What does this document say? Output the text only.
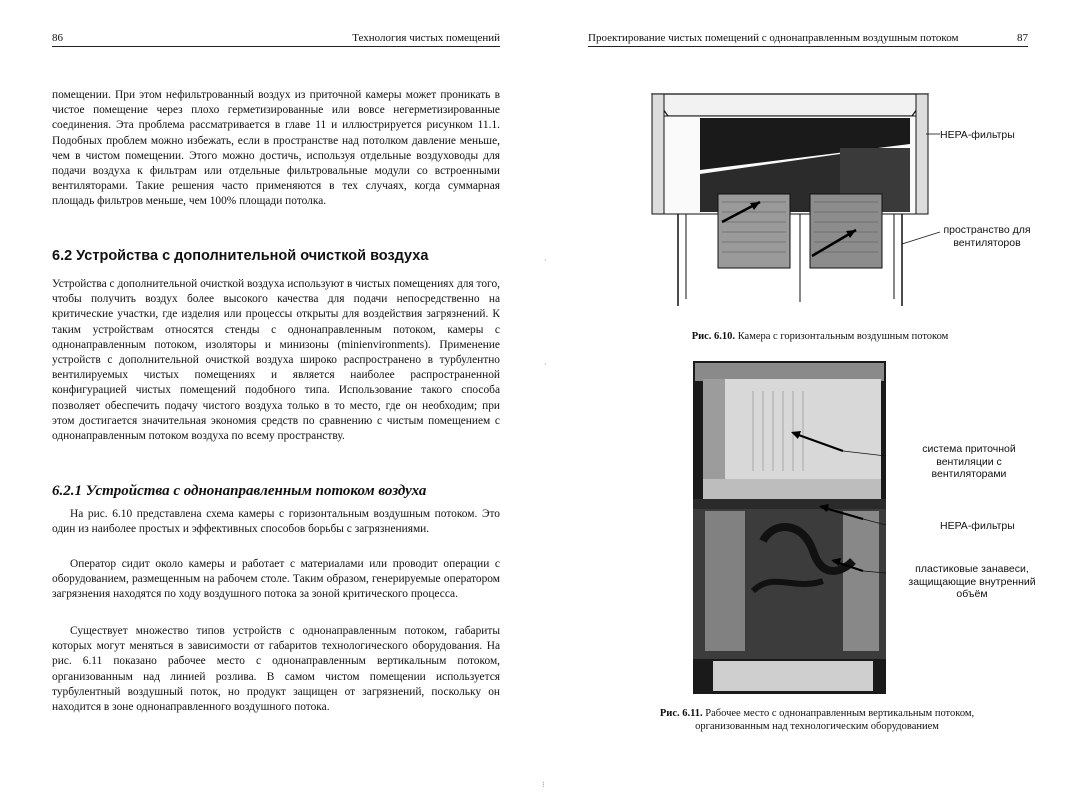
86	Технология чистых помещений

помещении. При этом нефильтрованный воздух из приточной камеры может проникать в чистое помещение через плохо герметизированные или вовсе негерметизированные соединения. Эта проблема рассматривается в главе 11 и иллюстрируется рисунком 11.1. Подобных проблем можно избежать, если в пространстве над потолком давление меньше, чем в чистом помещении. Этого можно достичь, используя отдельные воздуховоды для подачи воздуха к фильтрам или отдельные фильтровальные модули со встроенными вентиляторами. Такие решения часто применяются в тех случаях, когда суммарная площадь фильтров меньше, чем 100% площади потолка.

6.2 Устройства с дополнительной очисткой воздуха

Устройства с дополнительной очисткой воздуха используют в чистых помещениях для того, чтобы получить воздух более высокого качества для подачи непосредственно на критические участки, где изделия или процессы открыты для воздействия загрязнений. К таким устройствам относятся стенды с однонаправленным потоком, камеры с однонаправленным потоком, изоляторы и минизоны (minienvironments). Применение устройств с дополнительной очисткой воздуха широко распространено в турбулентно вентилируемых чистых помещениях и является наиболее распространенной конфигурацией чистых помещений подобного типа. Использование такого способа позволяет обеспечить подачу чистого воздуха только в то место, где он необходим; при этом достигается значительная экономия средств по сравнению с чистым помещением с однонаправленным потоком воздуха по всему пространству.

6.2.1 Устройства с однонаправленным потоком воздуха

На рис. 6.10 представлена схема камеры с горизонтальным воздушным потоком. Это один из наиболее простых и эффективных способов борьбы с загрязнениями.

Оператор сидит около камеры и работает с материалами или проводит операции с оборудованием, размещенным на рабочем столе. Таким образом, генерируемые оператором загрязнения находятся по ходу воздушного потока за зоной критического процесса.

Существует множество типов устройств с однонаправленным потоком, габариты которых могут меняться в зависимости от габаритов технологического оборудования. На рис. 6.11 показано рабочее место с однонаправленным вертикальным потоком, организованным над линией розлива. В самом чистом помещении используется турбулентный воздушный поток, но продукт защищен от загрязнений, поскольку он находится в зоне однонаправленного воздушного потока.

·
·
⁝
Проектирование чистых помещений с однонаправленным воздушным потоком	87
HEPA-фильтры
пространство для вентиляторов
Рис. 6.10. Камера с горизонтальным воздушным потоком
система приточной вентиляции с вентиляторами
HEPA-фильтры
пластиковые занавеси, защищающие внутренний объём
Рис. 6.11. Рабочее место с однонаправленным вертикальным потоком, организованным над технологическим оборудованием
